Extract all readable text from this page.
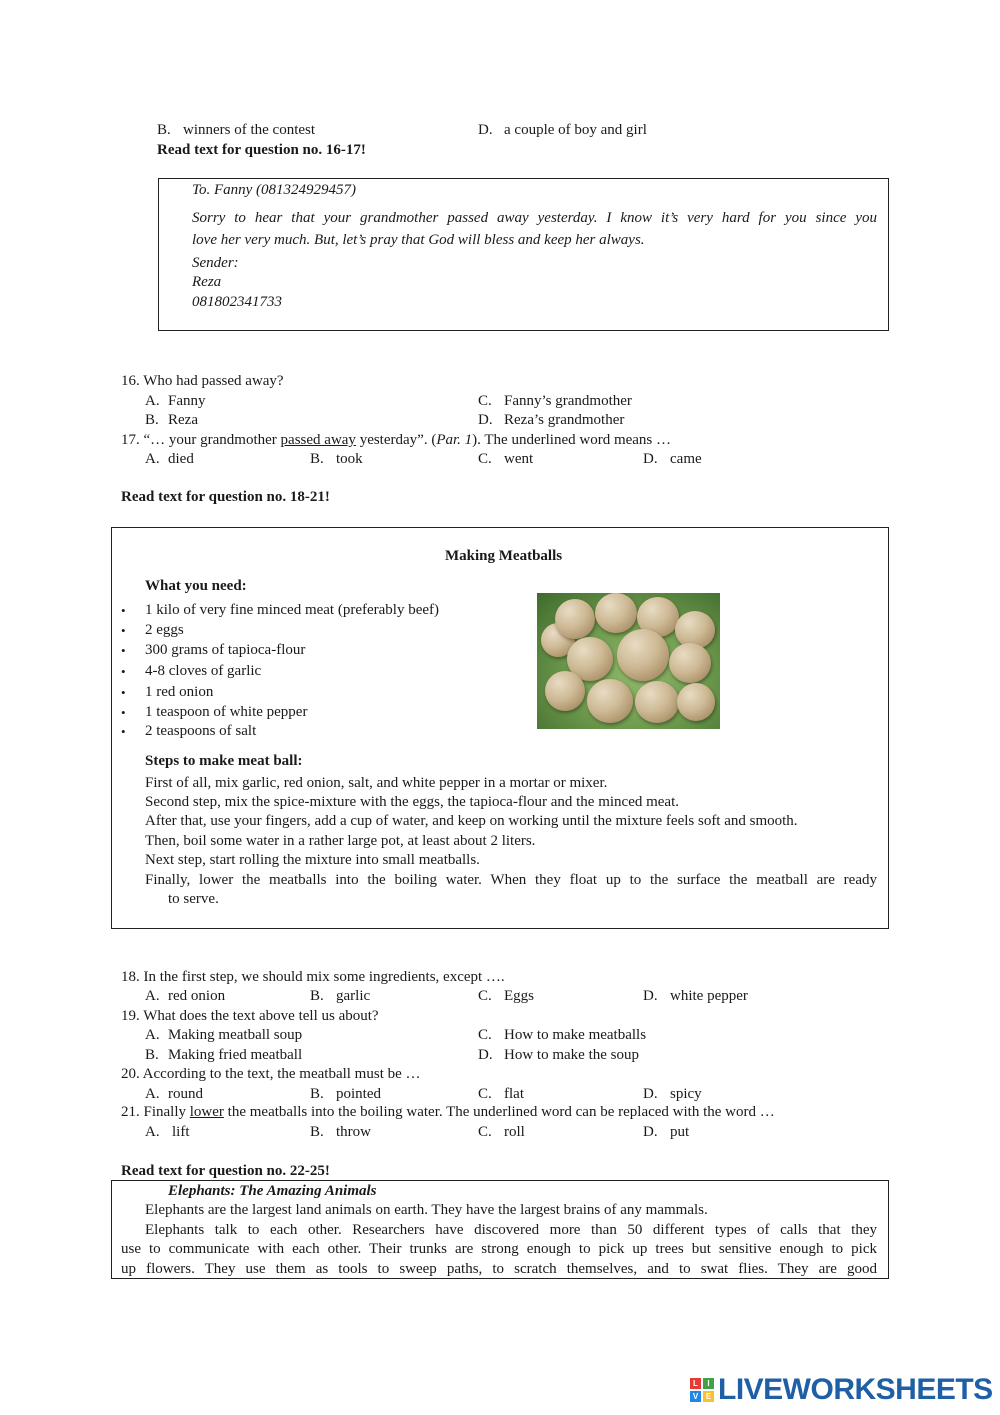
B. winners of the contest	D. a couple of boy and girl
Read text for question no. 16-17!
To. Fanny (081324929457)
Sorry to hear that your grandmother passed away yesterday. I know it’s very hard for you since you
love her very much. But, let’s pray that God will bless and keep her always.
Sender:
Reza
081802341733
16. Who had passed away?
A. Fanny	C. Fanny’s grandmother
B. Reza	D. Reza’s grandmother
17. “… your grandmother passed away yesterday”. (Par. 1). The underlined word means …
A. died	B. took	C. went	D. came
Read text for question no. 18-21!
Making Meatballs
What you need:
• 1 kilo of very fine minced meat (preferably beef)
• 2 eggs
• 300 grams of tapioca-flour
• 4-8 cloves of garlic
• 1 red onion
• 1 teaspoon of white pepper
• 2 teaspoons of salt
Steps to make meat ball:
First of all, mix garlic, red onion, salt, and white pepper in a mortar or mixer.
Second step, mix the spice-mixture with the eggs, the tapioca-flour and the minced meat.
After that, use your fingers, add a cup of water, and keep on working until the mixture feels soft and smooth.
Then, boil some water in a rather large pot, at least about 2 liters.
Next step, start rolling the mixture into small meatballs.
Finally, lower the meatballs into the boiling water. When they float up to the surface the meatball are ready
to serve.
18. In the first step, we should mix some ingredients, except ….
A. red onion	B. garlic	C. Eggs	D. white pepper
19. What does the text above tell us about?
A. Making meatball soup	C. How to make meatballs
B. Making fried meatball	D. How to make the soup
20. According to the text, the meatball must be …
A. round	B. pointed	C. flat	D. spicy
21. Finally lower the meatballs into the boiling water. The underlined word can be replaced with the word …
A. lift	B. throw	C. roll	D. put
Read text for question no. 22-25!
Elephants: The Amazing Animals
Elephants are the largest land animals on earth. They have the largest brains of any mammals.
Elephants talk to each other. Researchers have discovered more than 50 different types of calls that they
use to communicate with each other. Their trunks are strong enough to pick up trees but sensitive enough to pick
up flowers. They use them as tools to sweep paths, to scratch themselves, and to swat flies. They are good
L	I
V E LIVEWORKSHEETS
